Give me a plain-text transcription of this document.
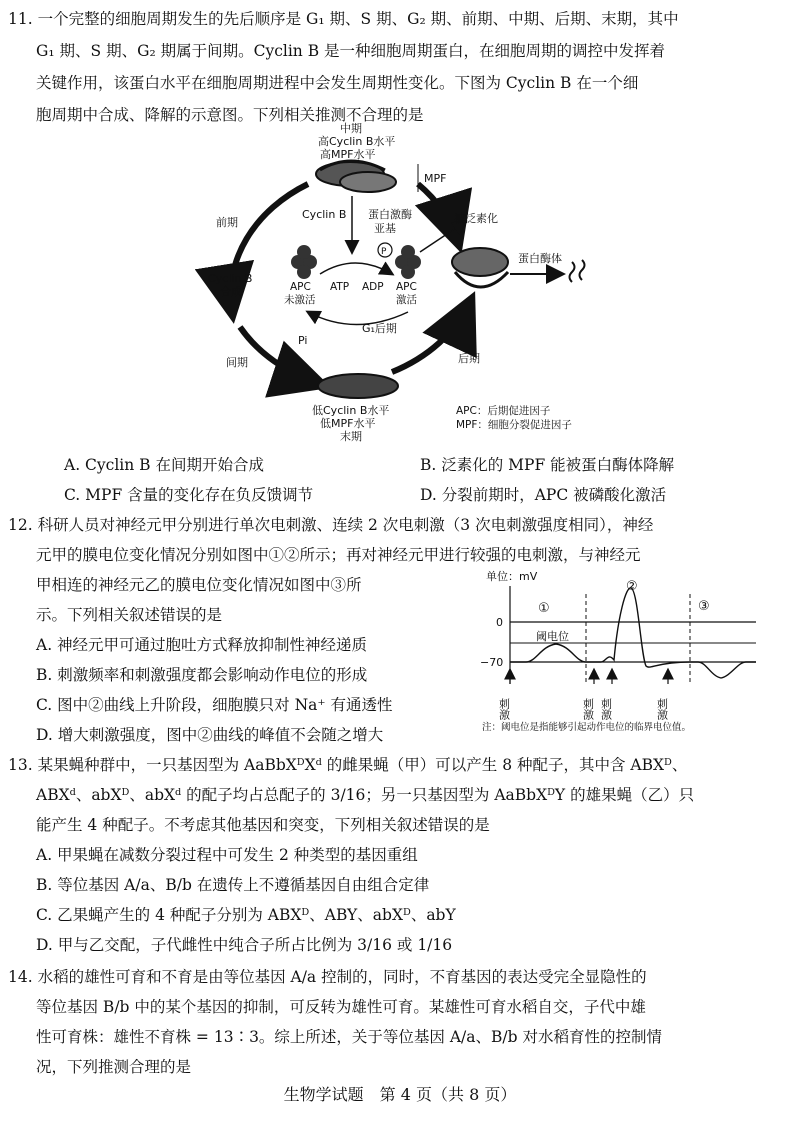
11. 一个完整的细胞周期发生的先后顺序是 G₁ 期、S 期、G₂ 期、前期、中期、后期、末期，其中
G₁ 期、S 期、G₂ 期属于间期。Cyclin B 是一种细胞周期蛋白，在细胞周期的调控中发挥着
关键作用，该蛋白水平在细胞周期进程中会发生周期性变化。下图为 Cyclin B 在一个细
胞周期中合成、降解的示意图。下列相关推测不合理的是
中期
高Cyclin B水平
高MPF水平
MPF
Cyclin B 蛋白激酶
亚基
被泛素化
蛋白酶体
前期
Cyclin B
合成	APC
未激活
ATP ADP
P
APC
激活
Pi
G₁后期
间期	后期
低Cyclin B水平
低MPF水平
末期
APC：后期促进因子
MPF：细胞分裂促进因子
A. Cyclin B 在间期开始合成	B. 泛素化的 MPF 能被蛋白酶体降解
C. MPF 含量的变化存在负反馈调节	D. 分裂前期时，APC 被磷酸化激活
12. 科研人员对神经元甲分别进行单次电刺激、连续 2 次电刺激（3 次电刺激强度相同），神经
元甲的膜电位变化情况分别如图中①②所示；再对神经元甲进行较强的电刺激，与神经元
甲相连的神经元乙的膜电位变化情况如图中③所
示。下列相关叙述错误的是
A. 神经元甲可通过胞吐方式释放抑制性神经递质
B. 刺激频率和刺激强度都会影响动作电位的形成
C. 图中②曲线上升阶段，细胞膜只对 Na⁺ 有通透性
D. 增大刺激强度，图中②曲线的峰值不会随之增大
单位：mV
0
−70
阈电位
①
②
③
刺激	刺激 刺激	刺激
注：阈电位是指能够引起动作电位的临界电位值。
13. 某果蝇种群中，一只基因型为 AaBbXᴰXᵈ 的雌果蝇（甲）可以产生 8 种配子，其中含 ABXᴰ、
ABXᵈ、abXᴰ、abXᵈ 的配子均占总配子的 3/16；另一只基因型为 AaBbXᴰY 的雄果蝇（乙）只
能产生 4 种配子。不考虑其他基因和突变，下列相关叙述错误的是
A. 甲果蝇在减数分裂过程中可发生 2 种类型的基因重组
B. 等位基因 A/a、B/b 在遗传上不遵循基因自由组合定律
C. 乙果蝇产生的 4 种配子分别为 ABXᴰ、ABY、abXᴰ、abY
D. 甲与乙交配，子代雌性中纯合子所占比例为 3/16 或 1/16
14. 水稻的雄性可育和不育是由等位基因 A/a 控制的，同时，不育基因的表达受完全显隐性的
等位基因 B/b 中的某个基因的抑制，可反转为雄性可育。某雄性可育水稻自交，子代中雄
性可育株：雄性不育株 = 13∶3。综上所述，关于等位基因 A/a、B/b 对水稻育性的控制情
况，下列推测合理的是
生物学试题　第 4 页（共 8 页）
